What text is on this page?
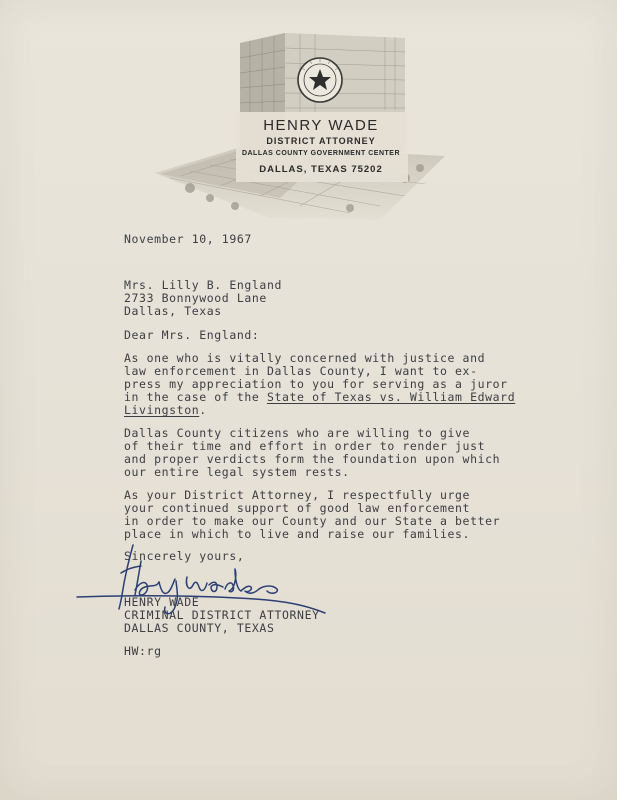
HENRY WADE
DISTRICT ATTORNEY
DALLAS COUNTY GOVERNMENT CENTER
DALLAS, TEXAS 75202
November 10, 1967
Mrs. Lilly B. England
2733 Bonnywood Lane
Dallas, Texas
Dear Mrs. England:
As one who is vitally concerned with justice and
law enforcement in Dallas County, I want to ex-
press my appreciation to you for serving as a juror
in the case of the State of Texas vs. William Edward
Livingston.
Dallas County citizens who are willing to give
of their time and effort in order to render just
and proper verdicts form the foundation upon which
our entire legal system rests.
As your District Attorney, I respectfully urge
your continued support of good law enforcement
in order to make our County and our State a better
place in which to live and raise our families.
Sincerely yours,
HENRY WADE
CRIMINAL DISTRICT ATTORNEY
DALLAS COUNTY, TEXAS
HW:rg
